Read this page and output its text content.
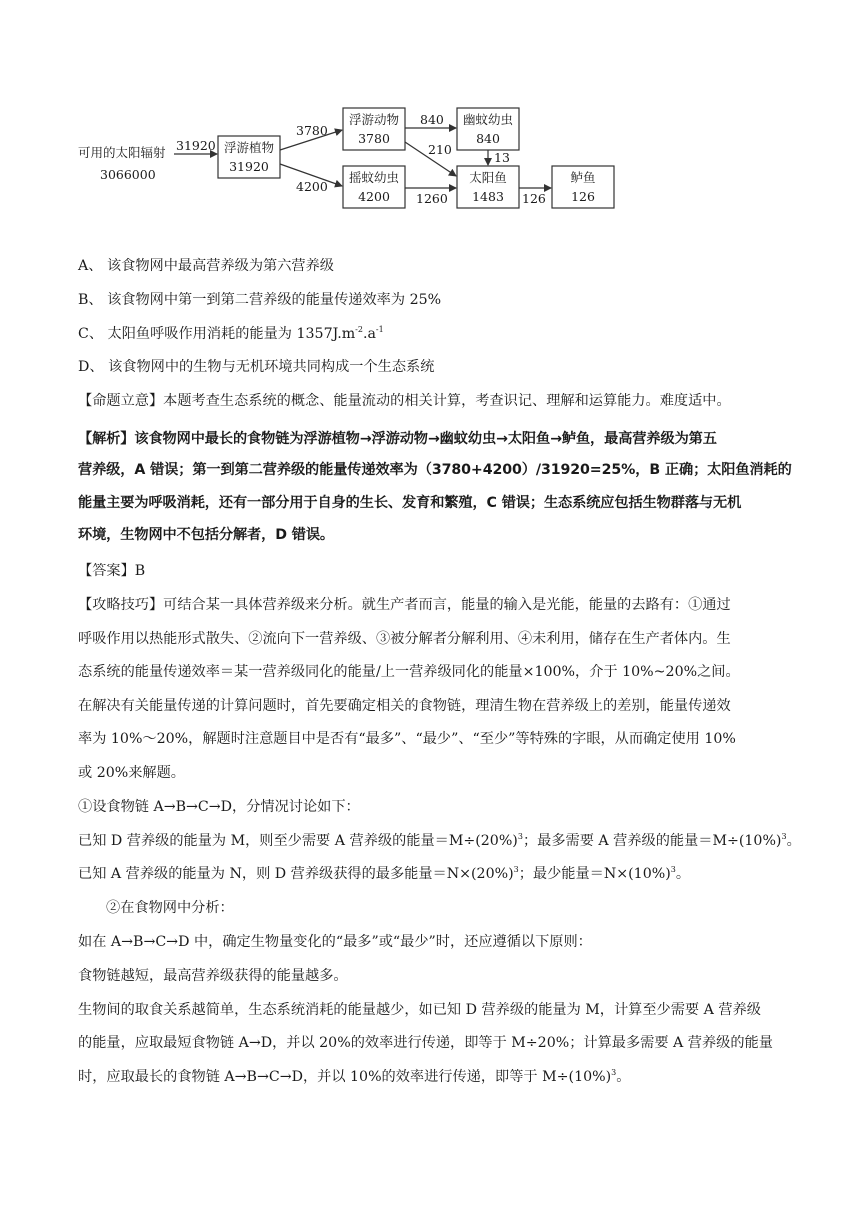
可用的太阳辐射
3066000
31920 浮游植物
31920
浮游动物
3780
摇蚊幼虫
4200
幽蚊幼虫
840
太阳鱼
1483
鲈鱼
126
3780
4200
840
210
13
1260	126
A、 该食物网中最高营养级为第六营养级
B、 该食物网中第一到第二营养级的能量传递效率为 25%
C、 太阳鱼呼吸作用消耗的能量为 $1357J.m^{-2}.a^{-1}$
D、 该食物网中的生物与无机环境共同构成一个生态系统
【命题立意】本题考查生态系统的概念、能量流动的相关计算，考查识记、理解和运算能力。难度适中。
【解析】该食物网中最长的食物链为浮游植物→浮游动物→幽蚊幼虫→太阳鱼→鲈鱼，最高营养级为第五
营养级，A 错误；第一到第二营养级的能量传递效率为（3780+4200）/31920=25%，B 正确；太阳鱼消耗的
能量主要为呼吸消耗，还有一部分用于自身的生长、发育和繁殖，C 错误；生态系统应包括生物群落与无机
环境，生物网中不包括分解者，D 错误。
【答案】B
【攻略技巧】可结合某一具体营养级来分析。就生产者而言，能量的输入是光能，能量的去路有：①通过
呼吸作用以热能形式散失、②流向下一营养级、③被分解者分解利用、④未利用，储存在生产者体内。生
态系统的能量传递效率＝某一营养级同化的能量/上一营养级同化的能量×100%，介于 10%~20%之间。
在解决有关能量传递的计算问题时，首先要确定相关的食物链，理清生物在营养级上的差别，能量传递效
率为 10%～20%，解题时注意题目中是否有“最多”、“最少”、“至少”等特殊的字眼，从而确定使用 10%
或 20%来解题。
①设食物链 A→B→C→D，分情况讨论如下：
已知 D 营养级的能量为 M，则至少需要 A 营养级的能量$=M\div(20\%)^3$；最多需要 A 营养级的能量$=M\div(10\%)^3$。
已知 A 营养级的能量为 N，则 D 营养级获得的最多能量$=N\times(20\%)^3$；最少能量$=N\times(10\%)^3$。
②在食物网中分析：
如在 A→B→C→D 中，确定生物量变化的“最多”或“最少”时，还应遵循以下原则：
食物链越短，最高营养级获得的能量越多。
生物间的取食关系越简单，生态系统消耗的能量越少，如已知 D 营养级的能量为 M，计算至少需要 A 营养级
的能量，应取最短食物链 A→D，并以 20%的效率进行传递，即等于 M÷20%；计算最多需要 A 营养级的能量
时，应取最长的食物链 A→B→C→D，并以 10%的效率进行传递，即等于 $M\div(10\%)^3$。
